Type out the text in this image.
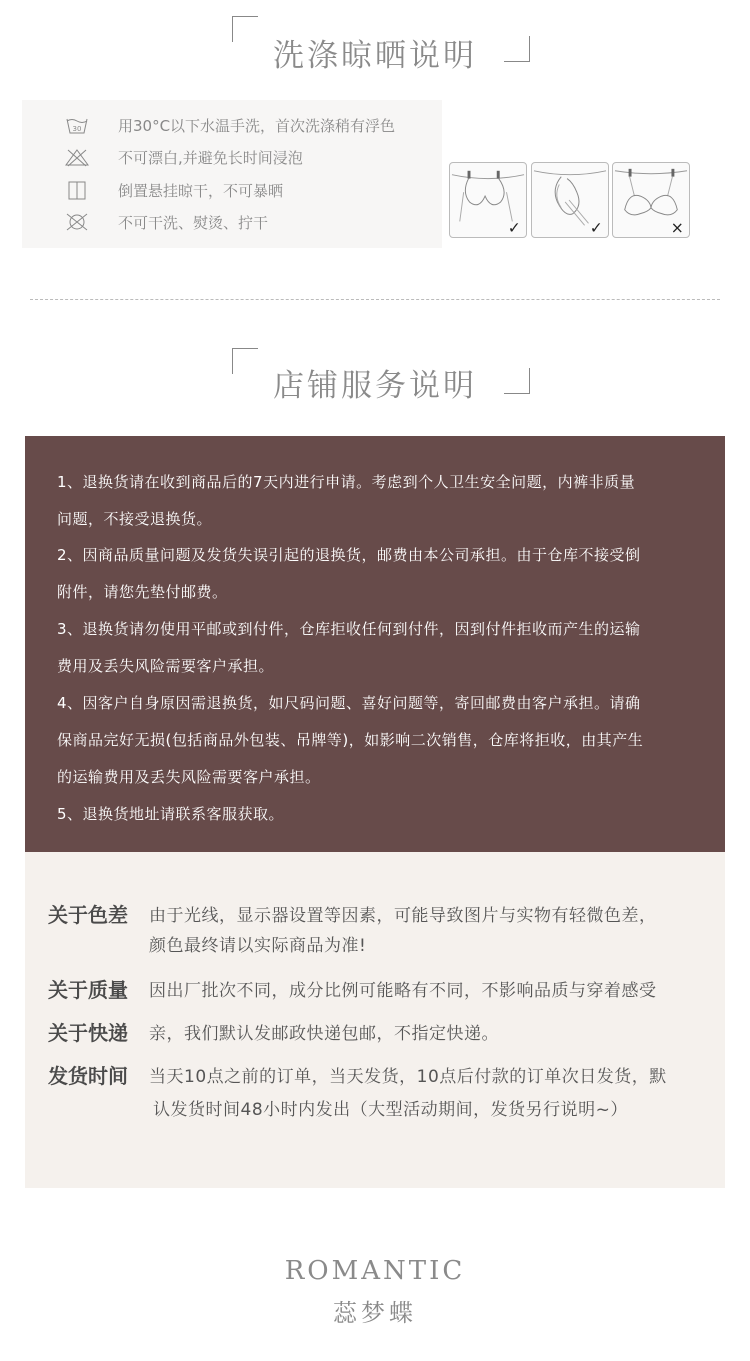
洗涤晾晒说明
30 用30°C以下水温手洗，首次洗涤稍有浮色
不可漂白,并避免长时间浸泡
倒置悬挂晾干，不可暴晒
不可干洗、熨烫、拧干	✓	✓	×
店铺服务说明
1、退换货请在收到商品后的7天内进行申请。考虑到个人卫生安全问题，内裤非质量
问题，不接受退换货。
2、因商品质量问题及发货失误引起的退换货，邮费由本公司承担。由于仓库不接受倒
附件，请您先垫付邮费。
3、退换货请勿使用平邮或到付件，仓库拒收任何到付件，因到付件拒收而产生的运输
费用及丢失风险需要客户承担。
4、因客户自身原因需退换货，如尺码问题、喜好问题等，寄回邮费由客户承担。请确
保商品完好无损(包括商品外包装、吊牌等)，如影响二次销售，仓库将拒收，由其产生
的运输费用及丢失风险需要客户承担。
5、退换货地址请联系客服获取。
关于色差 由于光线，显示器设置等因素，可能导致图片与实物有轻微色差，
颜色最终请以实际商品为准!
关于质量 因出厂批次不同，成分比例可能略有不同，不影响品质与穿着感受
关于快递 亲，我们默认发邮政快递包邮，不指定快递。
发货时间 当天10点之前的订单，当天发货，10点后付款的订单次日发货，默
认发货时间48小时内发出（大型活动期间，发货另行说明~）
ROMANTIC
蕊梦蝶
